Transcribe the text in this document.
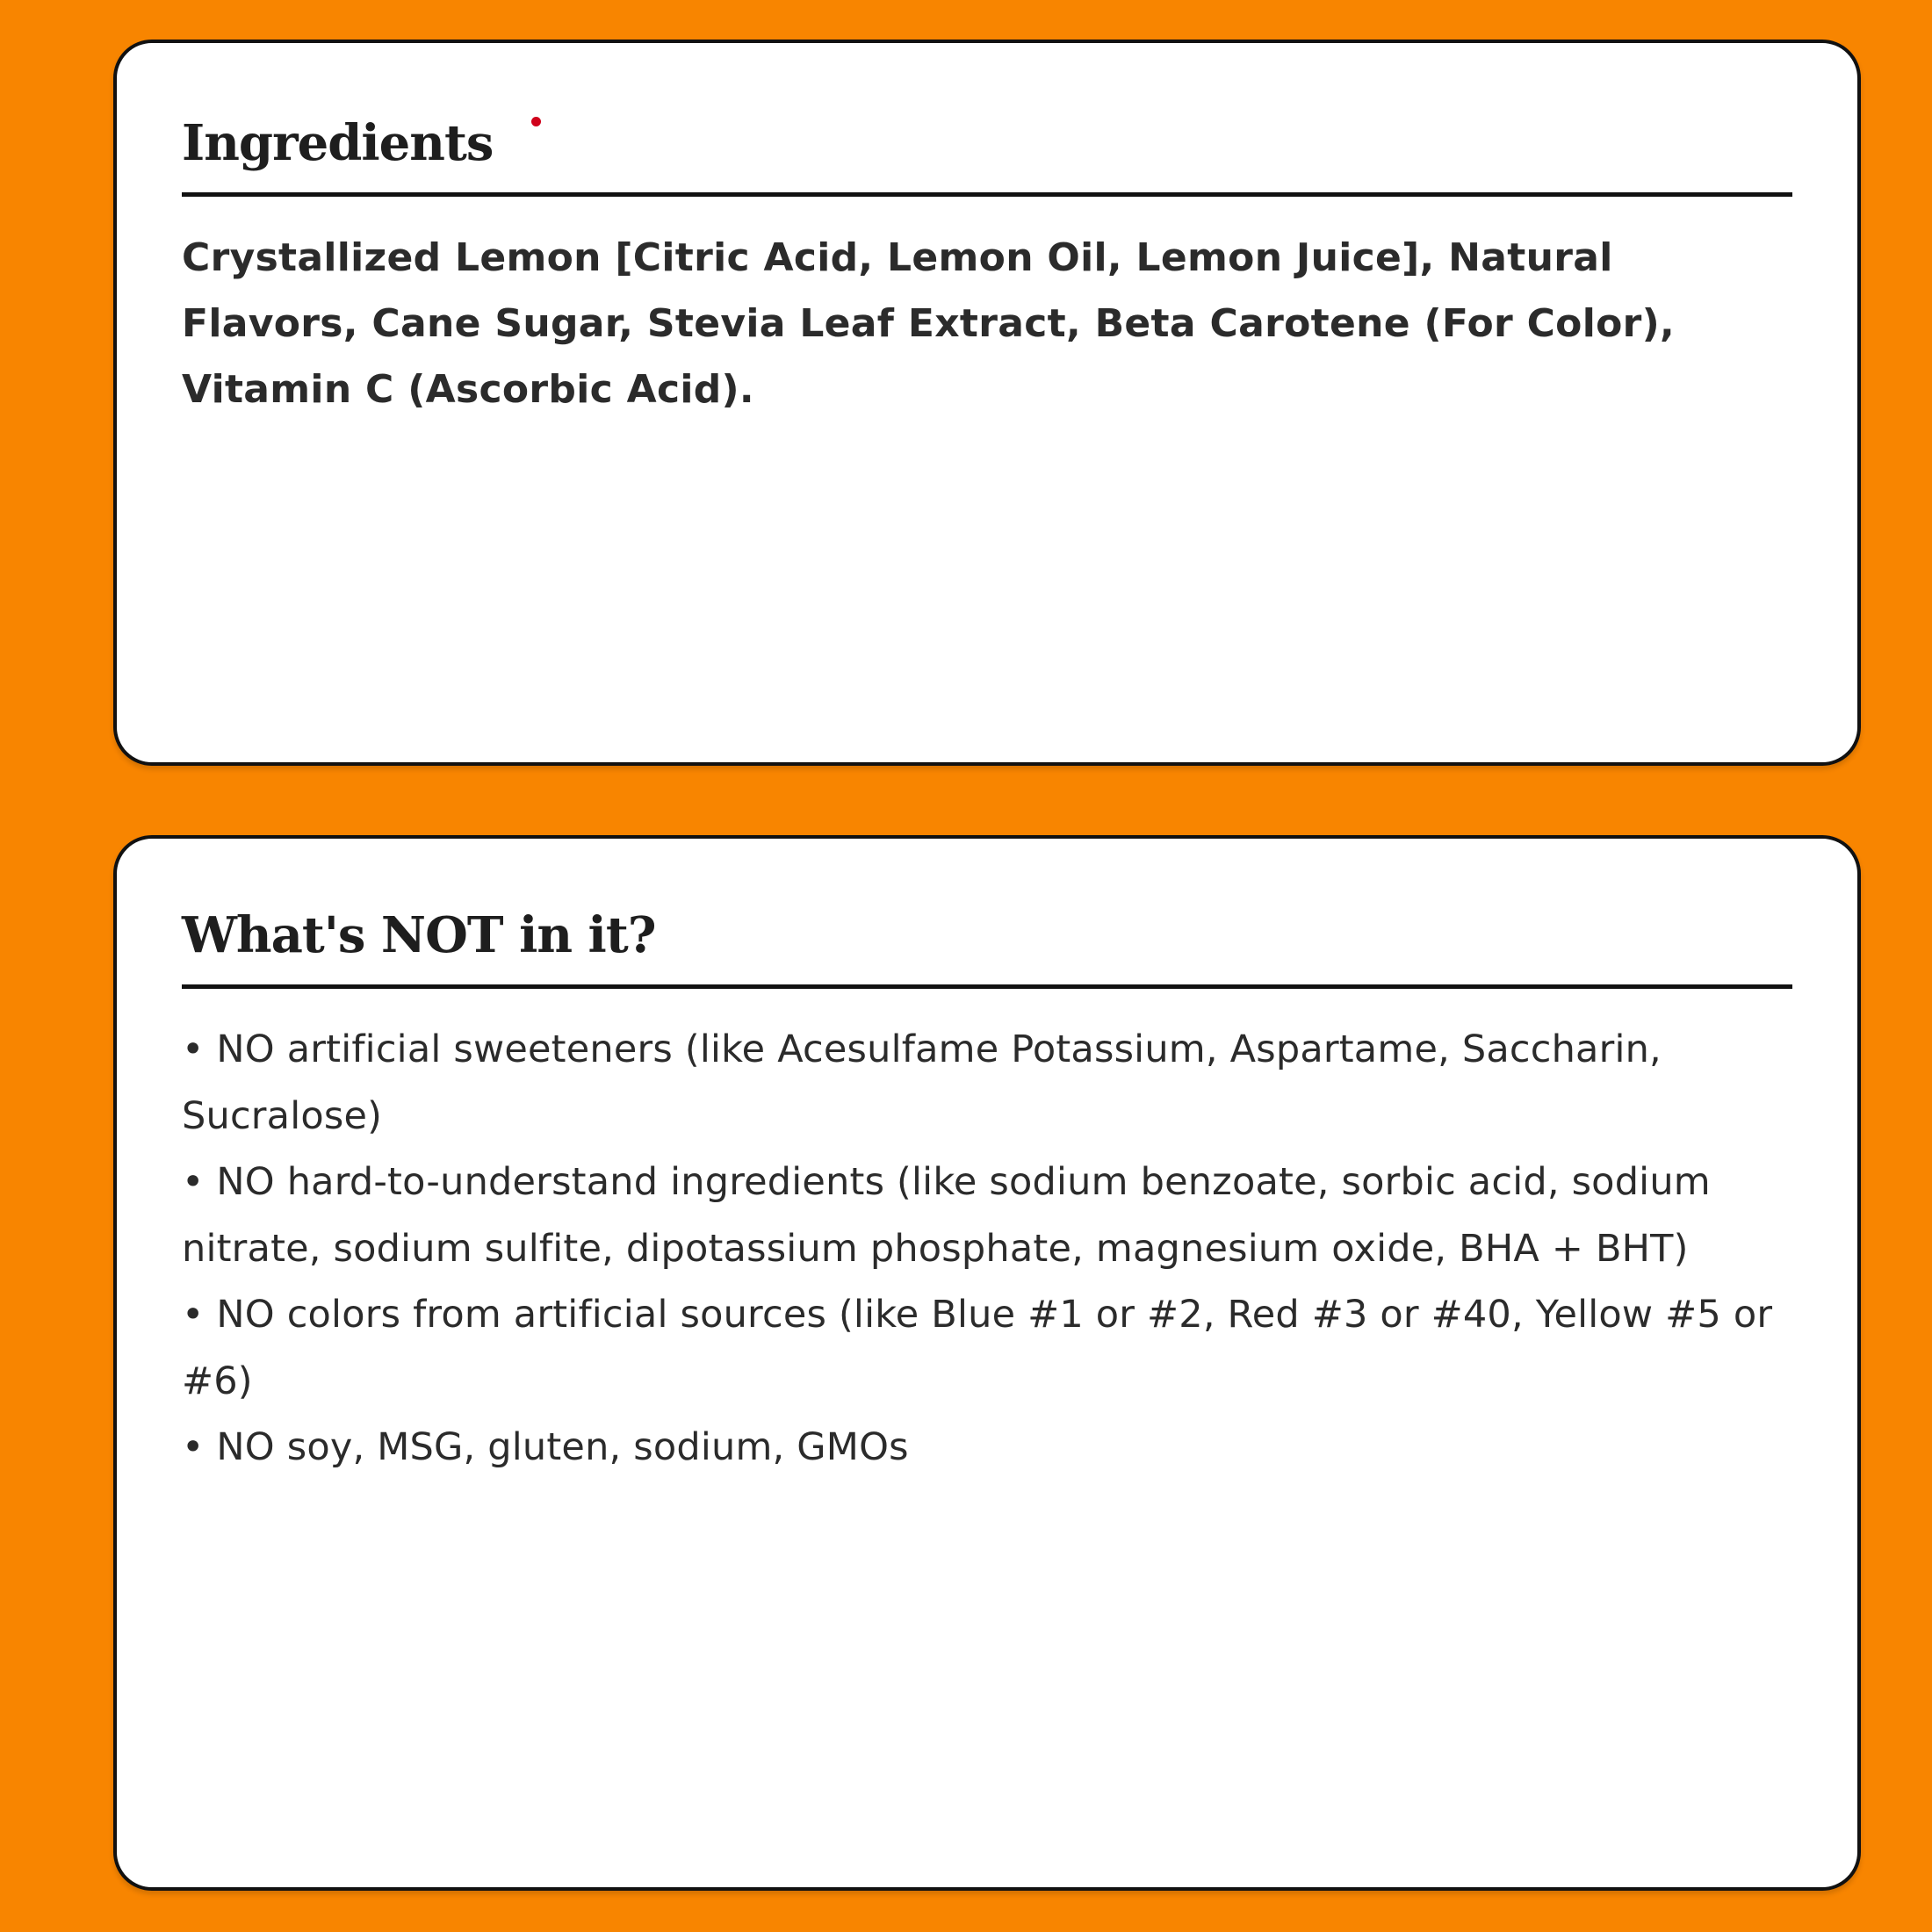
Ingredients

Crystallized Lemon [Citric Acid, Lemon Oil, Lemon Juice], Natural Flavors, Cane Sugar, Stevia Leaf Extract, Beta Carotene (For Color), Vitamin C (Ascorbic Acid).

What's NOT in it?
• NO artificial sweeteners (like Acesulfame Potassium, Aspartame, Saccharin, Sucralose)
• NO hard-to-understand ingredients (like sodium benzoate, sorbic acid, sodium nitrate, sodium sulfite, dipotassium phosphate, magnesium oxide, BHA + BHT)
• NO colors from artificial sources (like Blue #1 or #2, Red #3 or #40, Yellow #5 or #6)
• NO soy, MSG, gluten, sodium, GMOs
